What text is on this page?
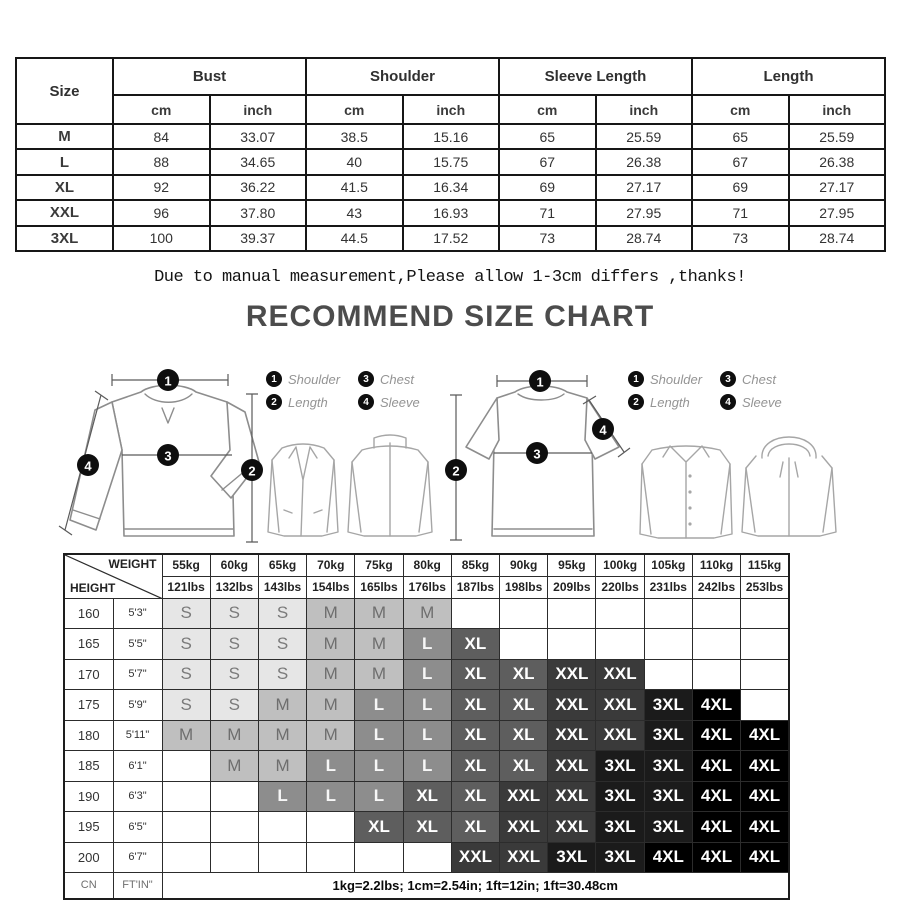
Size	Bust		Shoulder		Sleeve Length		Length	
	cm	inch	cm	inch	cm	inch	cm	inch
M	84	33.07	38.5	15.16	65	25.59	65	25.59
L	88	34.65	40	15.75	67	26.38	67	26.38
XL	92	36.22	41.5	16.34	69	27.17	69	27.17
XXL	96	37.80	43	16.93	71	27.95	71	27.95
3XL	100	39.37	44.5	17.52	73	28.74	73	28.74
Due to manual measurement,Please allow 1-3cm differs ,thanks!
RECOMMEND SIZE CHART
1
3
4	2
1
3
4
2
1 Shoulder	3 Chest
2 Length	4 Sleeve
1 Shoulder	3 Chest
2 Length	4 Sleeve
WEIGHT
HEIGHT		55kg	60kg	65kg	70kg	75kg	80kg	85kg	90kg	95kg	100kg	105kg	110kg	115kg
		121lbs	132lbs	143lbs	154lbs	165lbs	176lbs	187lbs	198lbs	209lbs	220lbs	231lbs	242lbs	253lbs
160	5'3"	S	S	S	M	M	M							
165	5'5"	S	S	S	M	M	L	XL						
170	5'7"	S	S	S	M	M	L	XL	XL	XXL	XXL			
175	5'9"	S	S	M	M	L	L	XL	XL	XXL	XXL	3XL	4XL	
180	5'11"	M	M	M	M	L	L	XL	XL	XXL	XXL	3XL	4XL	4XL
185	6'1"		M	M	L	L	L	XL	XL	XXL	3XL	3XL	4XL	4XL
190	6'3"			L	L	L	XL	XL	XXL	XXL	3XL	3XL	4XL	4XL
195	6'5"					XL	XL	XL	XXL	XXL	3XL	3XL	4XL	4XL
200	6'7"							XXL	XXL	3XL	3XL	4XL	4XL	4XL
CN	FT'IN"	1kg=2.2lbs; 1cm=2.54in; 1ft=12in; 1ft=30.48cm												
